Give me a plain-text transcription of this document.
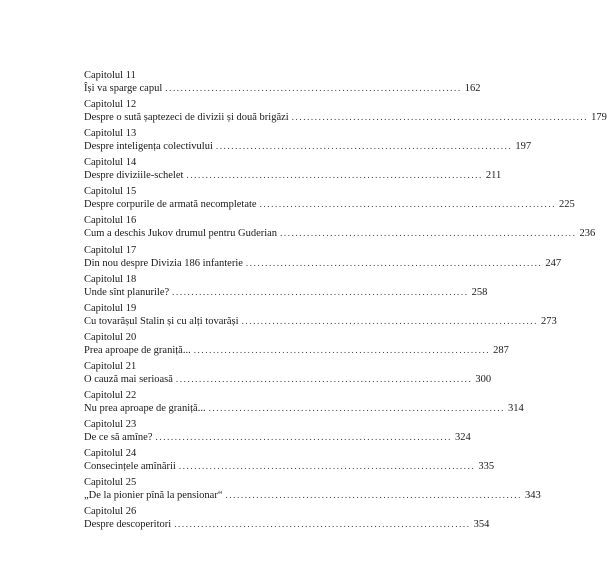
Capitolul 11
Își va sparge capul ............................................................................. 162
Capitolul 12
Despre o sută șaptezeci de divizii și două brigăzi ............................................................................. 179
Capitolul 13
Despre inteligența colectivului ............................................................................. 197
Capitolul 14
Despre diviziile-schelet ............................................................................. 211
Capitolul 15
Despre corpurile de armată necompletate ............................................................................. 225
Capitolul 16
Cum a deschis Jukov drumul pentru Guderian ............................................................................. 236
Capitolul 17
Din nou despre Divizia 186 infanterie ............................................................................. 247
Capitolul 18
Unde sînt planurile? ............................................................................. 258
Capitolul 19
Cu tovarășul Stalin și cu alți tovarăși ............................................................................. 273
Capitolul 20
Prea aproape de graniță... ............................................................................. 287
Capitolul 21
O cauză mai serioasă ............................................................................. 300
Capitolul 22
Nu prea aproape de graniță... ............................................................................. 314
Capitolul 23
De ce să amîne? ............................................................................. 324
Capitolul 24
Consecințele amînării ............................................................................. 335
Capitolul 25
„De la pionier pînă la pensionar“ ............................................................................. 343
Capitolul 26
Despre descoperitori ............................................................................. 354
